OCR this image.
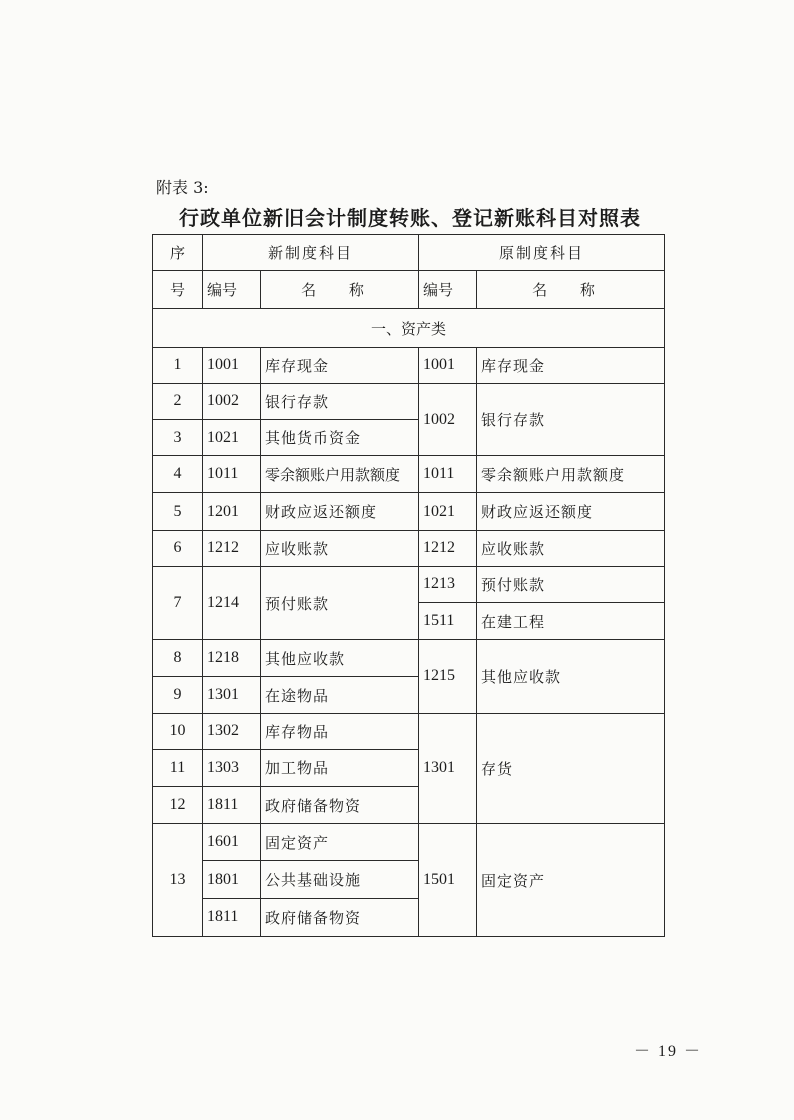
附表 3:
行政单位新旧会计制度转账、登记新账科目对照表
序	新制度科目		原制度科目	
号	编号	名 称	编号	名 称
一、资产类				
1	1001	库存现金	1001	库存现金
2	1002	银行存款	1002	银行存款
3	1021	其他货币资金		
4	1011	零余额账户用款额度	1011	零余额账户用款额度
5	1201	财政应返还额度	1021	财政应返还额度
6	1212	应收账款	1212	应收账款
7	1214	预付账款	1213	预付账款
			1511	在建工程
8	1218	其他应收款	1215	其他应收款
9	1301	在途物品		
10	1302	库存物品	1301	存货
11	1303	加工物品		
12	1811	政府储备物资		
13	1601	固定资产	1501	固定资产
	1801	公共基础设施		
	1811	政府储备物资		
－ 19 －
